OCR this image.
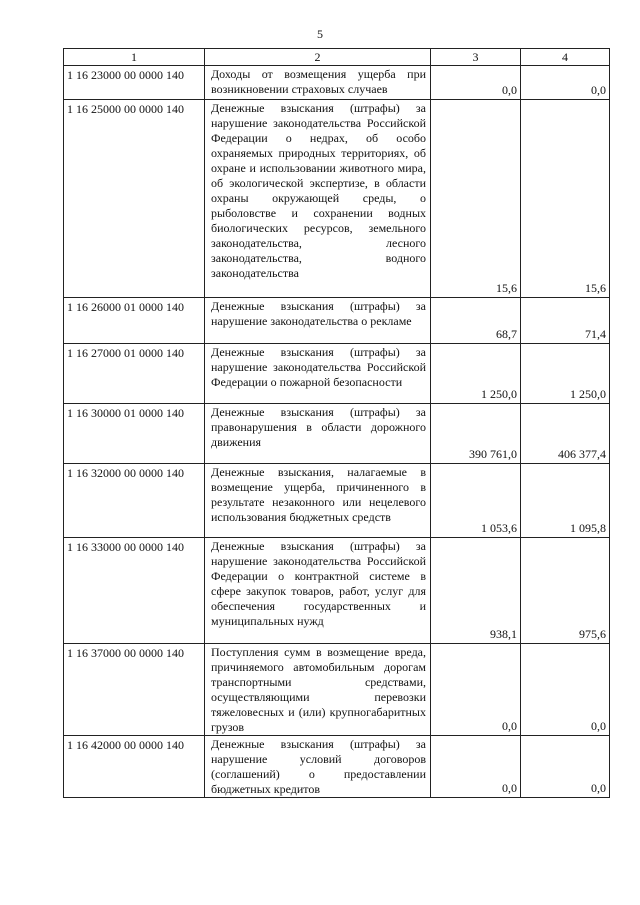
5
1	2	3	4
1 16 23000 00 0000 140	Доходы от возмещения ущерба при возникновении страховых случаев	0,0	0,0
1 16 25000 00 0000 140	Денежные взыскания (штрафы) за нарушение законодательства Российской Федерации о недрах, об особо охраняемых природных территориях, об охране и использовании животного мира, об экологической экспертизе, в области охраны окружающей среды, о рыболовстве и сохранении водных биологических ресурсов, земельного законодательства, лесного законодательства, водного законодательства	15,6	15,6
1 16 26000 01 0000 140	Денежные взыскания (штрафы) за нарушение законодательства о рекламе	68,7	71,4
1 16 27000 01 0000 140	Денежные взыскания (штрафы) за нарушение законодательства Российской Федерации о пожарной безопасности	1 250,0	1 250,0
1 16 30000 01 0000 140	Денежные взыскания (штрафы) за правонарушения в области дорожного движения	390 761,0	406 377,4
1 16 32000 00 0000 140	Денежные взыскания, налагаемые в возмещение ущерба, причиненного в результате незаконного или нецелевого использования бюджетных средств	1 053,6	1 095,8
1 16 33000 00 0000 140	Денежные взыскания (штрафы) за нарушение законодательства Российской Федерации о контрактной системе в сфере закупок товаров, работ, услуг для обеспечения государственных и муниципальных нужд	938,1	975,6
1 16 37000 00 0000 140	Поступления сумм в возмещение вреда, причиняемого автомобильным дорогам транспортными средствами, осуществляющими перевозки тяжеловесных и (или) крупногабаритных грузов	0,0	0,0
1 16 42000 00 0000 140	Денежные взыскания (штрафы) за нарушение условий договоров (соглашений) о предоставлении бюджетных кредитов	0,0	0,0
